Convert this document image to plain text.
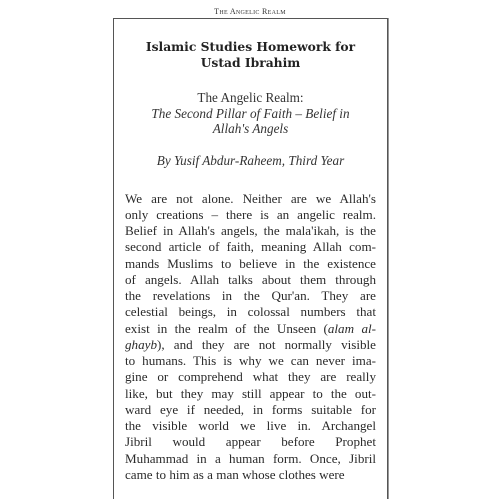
The Angelic Realm
Islamic Studies Homework for
Ustad Ibrahim
The Angelic Realm:
The Second Pillar of Faith – Belief in
Allah's Angels
By Yusif Abdur-Raheem, Third Year
We are not alone. Neither are we Allah's
only creations – there is an angelic realm.
Belief in Allah's angels, the mala'ikah, is the
second article of faith, meaning Allah com-
mands Muslims to believe in the existence
of angels. Allah talks about them through
the revelations in the Qur'an. They are
celestial beings, in colossal numbers that
exist in the realm of the Unseen (alam al-
ghayb), and they are not normally visible
to humans. This is why we can never ima-
gine or comprehend what they are really
like, but they may still appear to the out-
ward eye if needed, in forms suitable for
the visible world we live in. Archangel
Jibril would appear before Prophet
Muhammad in a human form. Once, Jibril
came to him as a man whose clothes were
